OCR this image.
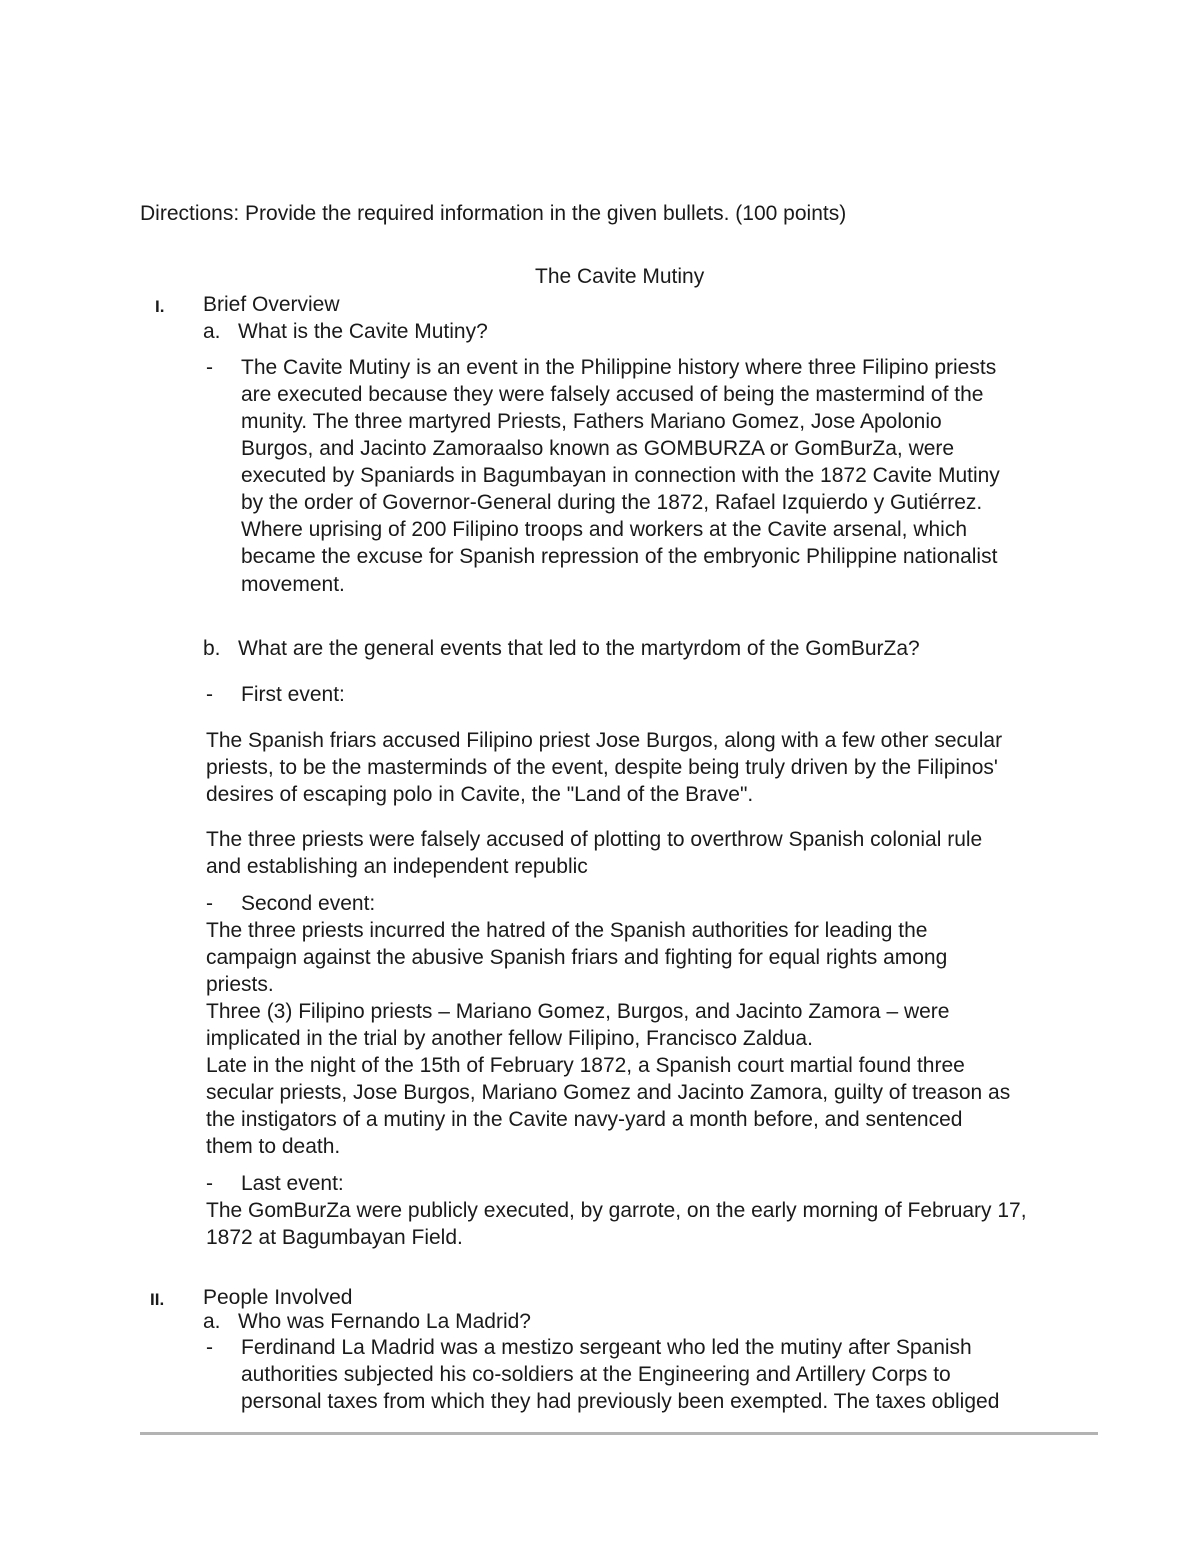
Directions: Provide the required information in the given bullets. (100 points)
The Cavite Mutiny
I. Brief Overview
a. What is the Cavite Mutiny?
- The Cavite Mutiny is an event in the Philippine history where three Filipino priests
are executed because they were falsely accused of being the mastermind of the
munity. The three martyred Priests, Fathers Mariano Gomez, Jose Apolonio
Burgos, and Jacinto Zamoraalso known as GOMBURZA or GomBurZa, were
executed by Spaniards in Bagumbayan in connection with the 1872 Cavite Mutiny
by the order of Governor-General during the 1872, Rafael Izquierdo y Gutiérrez.
Where uprising of 200 Filipino troops and workers at the Cavite arsenal, which
became the excuse for Spanish repression of the embryonic Philippine nationalist
movement.
b. What are the general events that led to the martyrdom of the GomBurZa?
- First event:
The Spanish friars accused Filipino priest Jose Burgos, along with a few other secular
priests, to be the masterminds of the event, despite being truly driven by the Filipinos'
desires of escaping polo in Cavite, the "Land of the Brave".
The three priests were falsely accused of plotting to overthrow Spanish colonial rule
and establishing an independent republic
- Second event:
The three priests incurred the hatred of the Spanish authorities for leading the
campaign against the abusive Spanish friars and fighting for equal rights among
priests.
Three (3) Filipino priests – Mariano Gomez, Burgos, and Jacinto Zamora – were
implicated in the trial by another fellow Filipino, Francisco Zaldua.
Late in the night of the 15th of February 1872, a Spanish court martial found three
secular priests, Jose Burgos, Mariano Gomez and Jacinto Zamora, guilty of treason as
the instigators of a mutiny in the Cavite navy-yard a month before, and sentenced
them to death.
- Last event:
The GomBurZa were publicly executed, by garrote, on the early morning of February 17,
1872 at Bagumbayan Field.
II. People Involved
a. Who was Fernando La Madrid?
- Ferdinand La Madrid was a mestizo sergeant who led the mutiny after Spanish
authorities subjected his co-soldiers at the Engineering and Artillery Corps to
personal taxes from which they had previously been exempted. The taxes obliged
